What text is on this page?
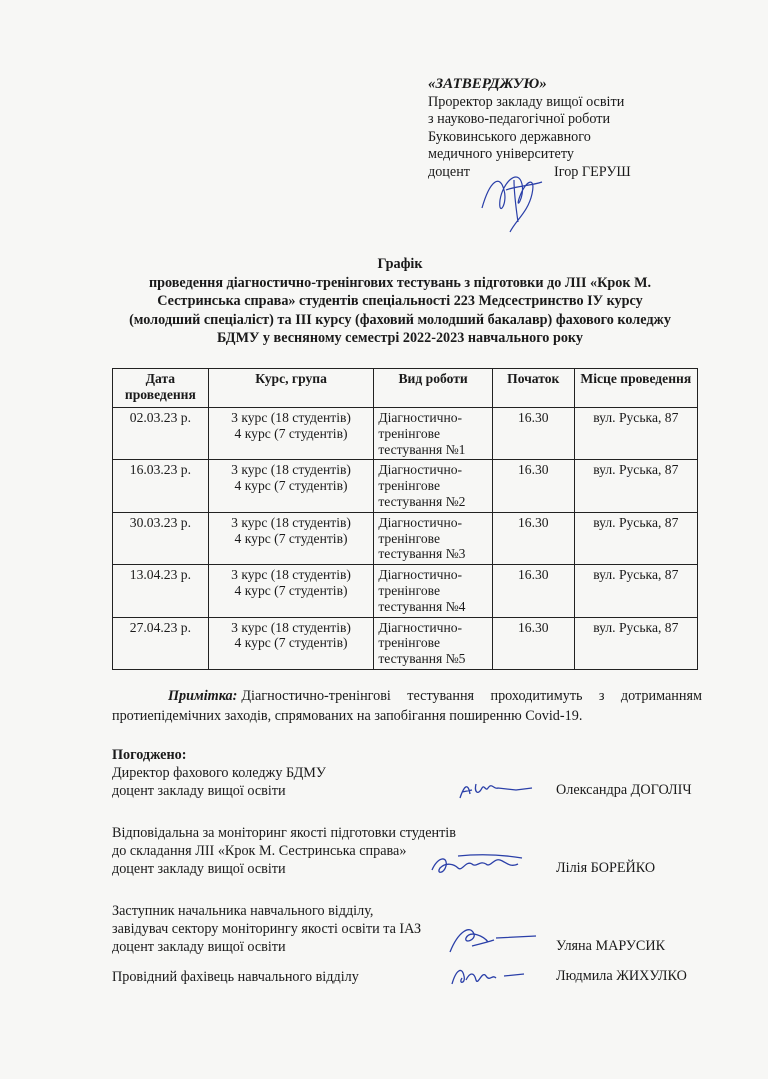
«ЗАТВЕРДЖУЮ»
Проректор закладу вищої освіти
з науково-педагогічної роботи
Буковинського державного
медичного університету
доцент	Ігор ГЕРУШ
Графік
проведення діагностично-тренінгових тестувань з підготовки до ЛІІ «Крок М.
Сестринська справа» студентів спеціальності 223 Медсестринство ІУ курсу
(молодший спеціаліст) та ІІІ курсу (фаховий молодший бакалавр) фахового коледжу
БДМУ у весняному семестрі 2022-2023 навчального року
Дата проведення	Курс, група	Вид роботи	Початок	Місце проведення
02.03.23 р.	3 курс (18 студентів)
4 курс (7 студентів)	Діагностично-тренінгове тестування №1	16.30	вул. Руська, 87
16.03.23 р.	3 курс (18 студентів)
4 курс (7 студентів)	Діагностично-тренінгове тестування №2	16.30	вул. Руська, 87
30.03.23 р.	3 курс (18 студентів)
4 курс (7 студентів)	Діагностично-тренінгове тестування №3	16.30	вул. Руська, 87
13.04.23 р.	3 курс (18 студентів)
4 курс (7 студентів)	Діагностично-тренінгове тестування №4	16.30	вул. Руська, 87
27.04.23 р.	3 курс (18 студентів)
4 курс (7 студентів)	Діагностично-тренінгове тестування №5	16.30	вул. Руська, 87
Примітка: Діагностично-тренінгові тестування проходитимуть з дотриманням протиепідемічних заходів, спрямованих на запобігання поширенню Covid-19.
Погоджено:
Директор фахового коледжу БДМУ
доцент закладу вищої освіти	Олександра ДОГОЛІЧ
Відповідальна за моніторинг якості підготовки студентів
до складання ЛІІ «Крок М. Сестринська справа»
доцент закладу вищої освіти	Лілія БОРЕЙКО
Заступник начальника навчального відділу,
завідувач сектору моніторингу якості освіти та ІАЗ
доцент закладу вищої освіти	Уляна МАРУСИК
Провідний фахівець навчального відділу	Людмила ЖИХУЛКО
